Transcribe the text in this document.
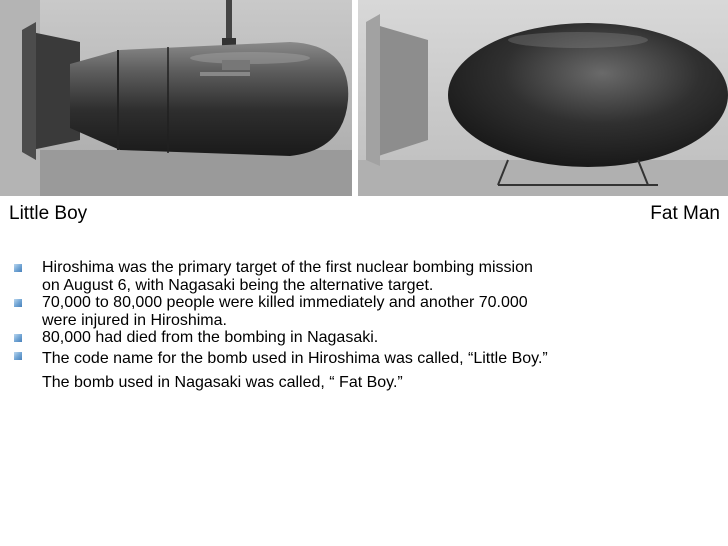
Little Boy	Fat Man
Hiroshima was the primary target of the first nuclear bombing mission on August 6, with Nagasaki being the alternative target.
70,000 to 80,000 people were killed immediately and another 70.000 were injured in Hiroshima.
80,000 had died from the bombing in Nagasaki.
The code name for the bomb used in Hiroshima was called, “Little Boy.” The bomb used in Nagasaki was called, “ Fat Boy.”
